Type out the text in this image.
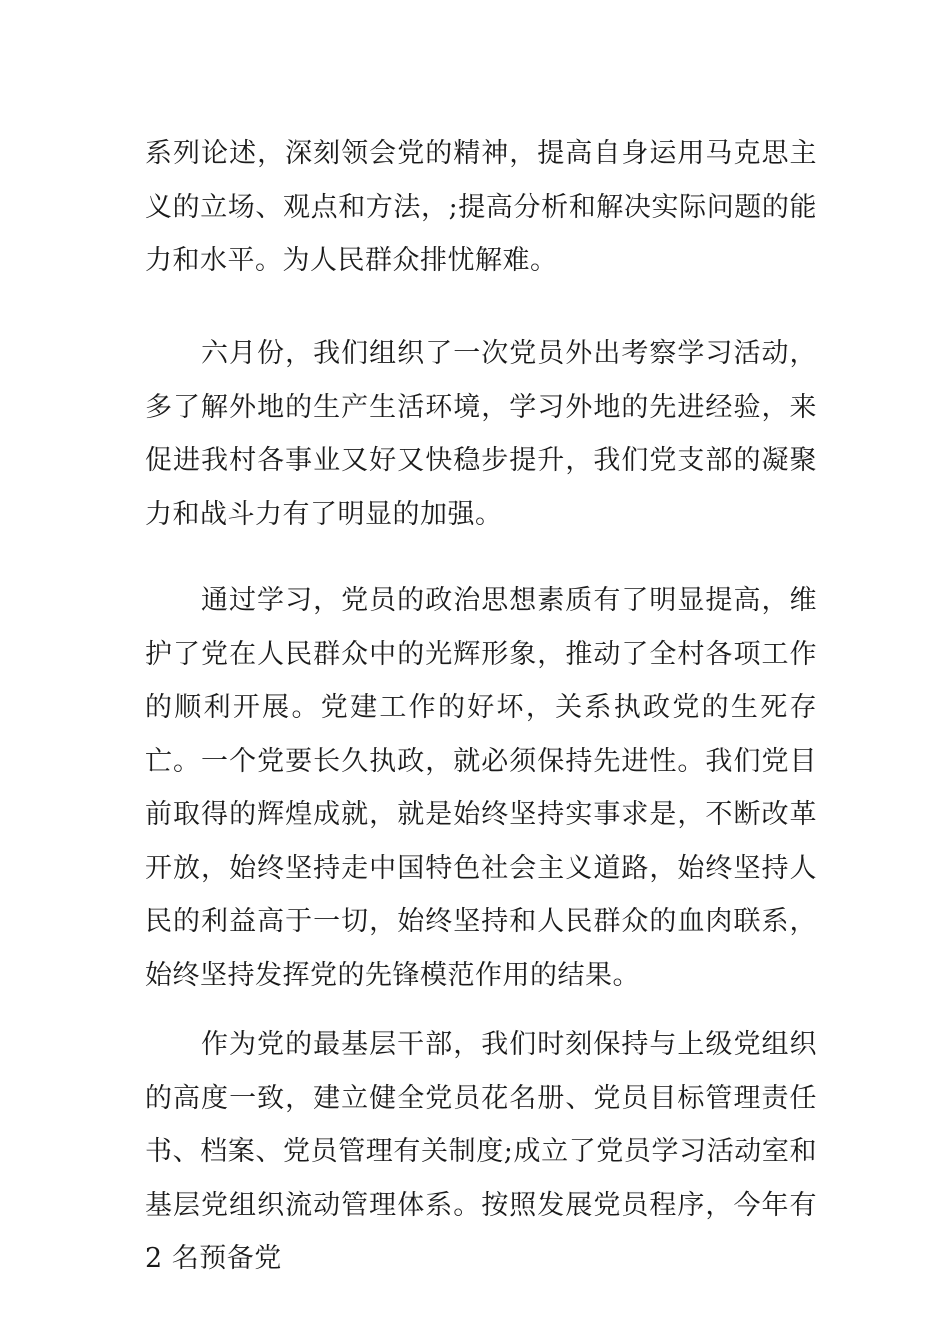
系列论述，深刻领会党的精神，提高自身运用马克思主义的立场、观点和方法，;提高分析和解决实际问题的能力和水平。为人民群众排忧解难。

六月份，我们组织了一次党员外出考察学习活动，多了解外地的生产生活环境，学习外地的先进经验，来促进我村各事业又好又快稳步提升，我们党支部的凝聚力和战斗力有了明显的加强。

通过学习，党员的政治思想素质有了明显提高，维护了党在人民群众中的光辉形象，推动了全村各项工作的顺利开展。党建工作的好坏，关系执政党的生死存亡。一个党要长久执政，就必须保持先进性。我们党目前取得的辉煌成就，就是始终坚持实事求是，不断改革开放，始终坚持走中国特色社会主义道路，始终坚持人民的利益高于一切，始终坚持和人民群众的血肉联系，始终坚持发挥党的先锋模范作用的结果。

作为党的最基层干部，我们时刻保持与上级党组织的高度一致，建立健全党员花名册、党员目标管理责任书、档案、党员管理有关制度;成立了党员学习活动室和基层党组织流动管理体系。按照发展党员程序，今年有 2 名预备党
